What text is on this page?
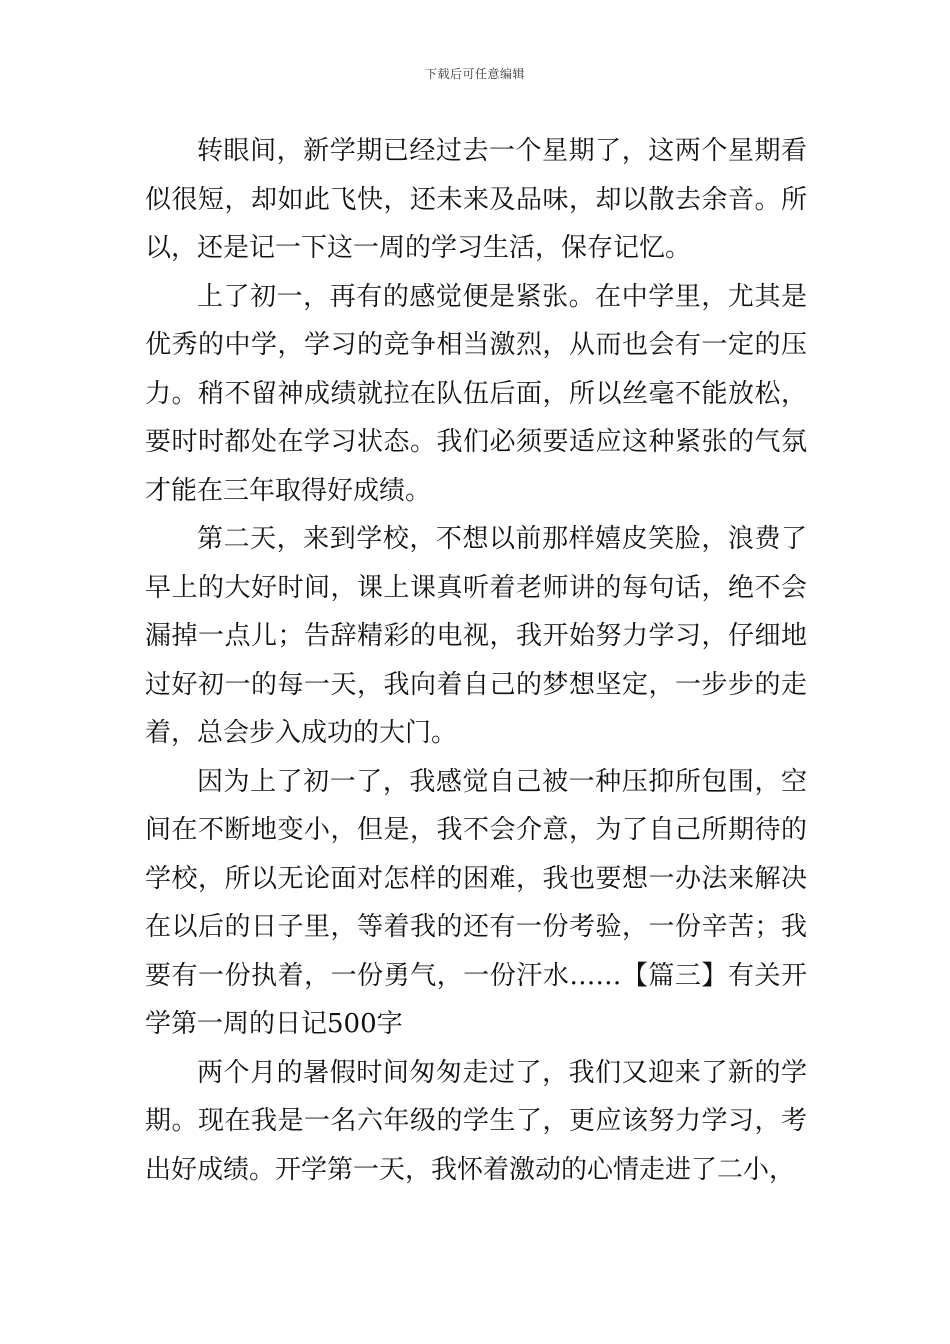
下载后可任意编辑

转眼间，新学期已经过去一个星期了，这两个星期看似很短，却如此飞快，还未来及品味，却以散去余音。所以，还是记一下这一周的学习生活，保存记忆。

上了初一，再有的感觉便是紧张。在中学里，尤其是优秀的中学，学习的竞争相当激烈，从而也会有一定的压力。稍不留神成绩就拉在队伍后面，所以丝毫不能放松，要时时都处在学习状态。我们必须要适应这种紧张的气氛才能在三年取得好成绩。

第二天，来到学校，不想以前那样嬉皮笑脸，浪费了早上的大好时间，课上课真听着老师讲的每句话，绝不会漏掉一点儿；告辞精彩的电视，我开始努力学习，仔细地过好初一的每一天，我向着自己的梦想坚定，一步步的走着，总会步入成功的大门。

因为上了初一了，我感觉自己被一种压抑所包围，空间在不断地变小，但是，我不会介意，为了自己所期待的学校，所以无论面对怎样的困难，我也要想一办法来解决在以后的日子里，等着我的还有一份考验，一份辛苦；我要有一份执着，一份勇气，一份汗水……【篇三】有关开学第一周的日记500字

两个月的暑假时间匆匆走过了，我们又迎来了新的学期。现在我是一名六年级的学生了，更应该努力学习，考出好成绩。开学第一天，我怀着激动的心情走进了二小，
